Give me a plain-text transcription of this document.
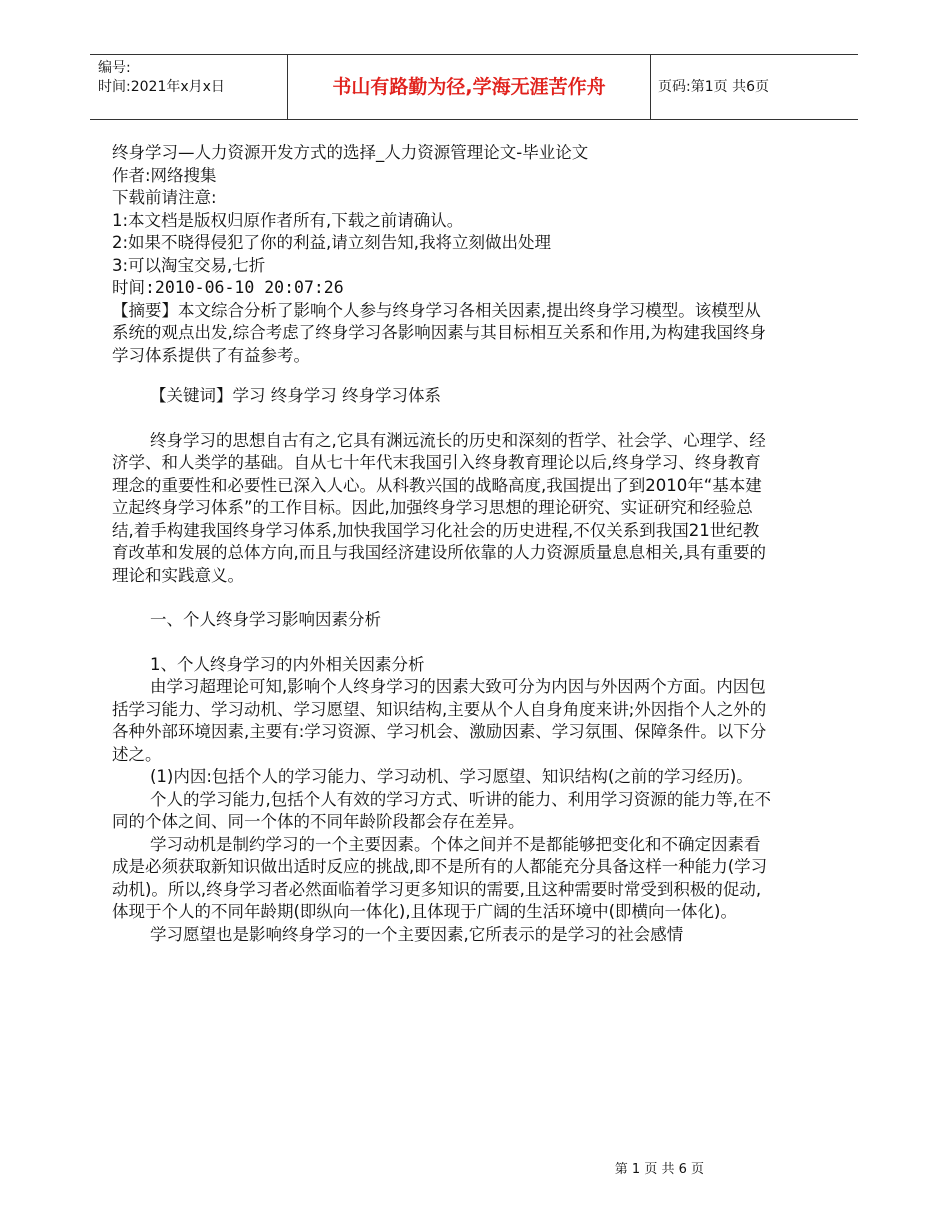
编号:
时间:2021年x月x日	书山有路勤为径,学海无涯苦作舟	页码:第1页 共6页

终身学习—人力资源开发方式的选择_人力资源管理论文-毕业论文

作者:网络搜集

下载前请注意:

1:本文档是版权归原作者所有,下载之前请确认。

2:如果不晓得侵犯了你的利益,请立刻告知,我将立刻做出处理

3:可以淘宝交易,七折

时间:2010-06-10 20:07:26

【摘要】本文综合分析了影响个人参与终身学习各相关因素,提出终身学习模型。该模型从系统的观点出发,综合考虑了终身学习各影响因素与其目标相互关系和作用,为构建我国终身学习体系提供了有益参考。

【关键词】学习 终身学习 终身学习体系

终身学习的思想自古有之,它具有渊远流长的历史和深刻的哲学、社会学、心理学、经济学、和人类学的基础。自从七十年代末我国引入终身教育理论以后,终身学习、终身教育理念的重要性和必要性已深入人心。从科教兴国的战略高度,我国提出了到2010年“基本建立起终身学习体系”的工作目标。因此,加强终身学习思想的理论研究、实证研究和经验总结,着手构建我国终身学习体系,加快我国学习化社会的历史进程,不仅关系到我国21世纪教育改革和发展的总体方向,而且与我国经济建设所依靠的人力资源质量息息相关,具有重要的理论和实践意义。

一、个人终身学习影响因素分析

1、个人终身学习的内外相关因素分析

由学习超理论可知,影响个人终身学习的因素大致可分为内因与外因两个方面。内因包括学习能力、学习动机、学习愿望、知识结构,主要从个人自身角度来讲;外因指个人之外的各种外部环境因素,主要有:学习资源、学习机会、激励因素、学习氛围、保障条件。以下分述之。

(1)内因:包括个人的学习能力、学习动机、学习愿望、知识结构(之前的学习经历)。

个人的学习能力,包括个人有效的学习方式、听讲的能力、利用学习资源的能力等,在不同的个体之间、同一个体的不同年龄阶段都会存在差异。

学习动机是制约学习的一个主要因素。个体之间并不是都能够把变化和不确定因素看成是必须获取新知识做出适时反应的挑战,即不是所有的人都能充分具备这样一种能力(学习动机)。所以,终身学习者必然面临着学习更多知识的需要,且这种需要时常受到积极的促动,体现于个人的不同年龄期(即纵向一体化),且体现于广阔的生活环境中(即横向一体化)。

学习愿望也是影响终身学习的一个主要因素,它所表示的是学习的社会感情

第 1 页 共 6 页
